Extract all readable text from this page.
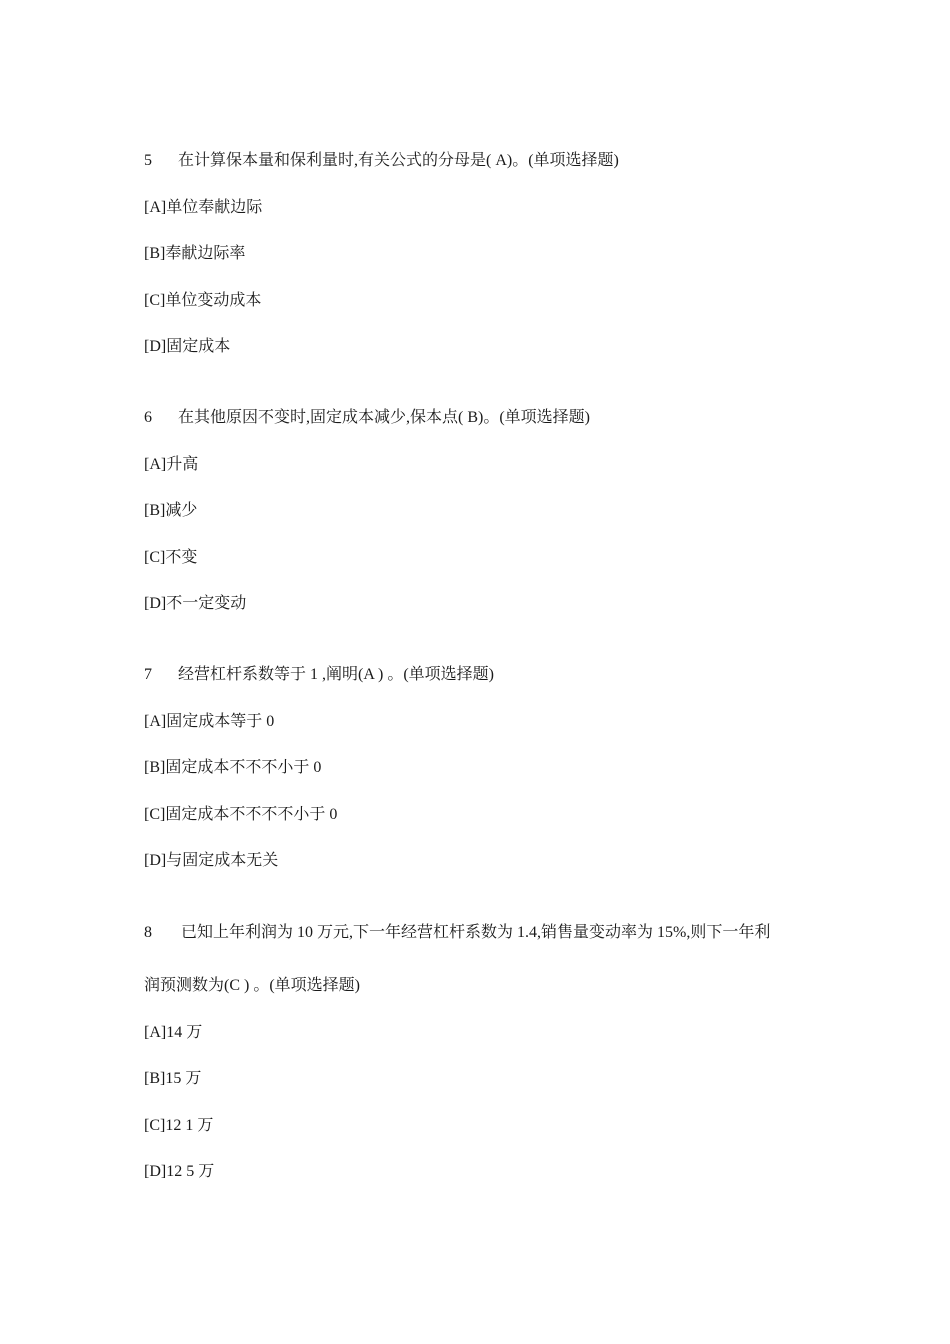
5 在计算保本量和保利量时,有关公式的分母是( A)。(单项选择题)
[A]单位奉献边际
[B]奉献边际率
[C]单位变动成本
[D]固定成本
6 在其他原因不变时,固定成本减少,保本点( B)。(单项选择题)
[A]升高
[B]减少
[C]不变
[D]不一定变动
7 经营杠杆系数等于 1 ,阐明(A ) 。(单项选择题)
[A]固定成本等于 0
[B]固定成本不不不小于 0
[C]固定成本不不不不小于 0
[D]与固定成本无关
8 已知上年利润为 10 万元,下一年经营杠杆系数为 1.4,销售量变动率为 15%,则下一年利
润预测数为(C ) 。(单项选择题)
[A]14 万
[B]15 万
[C]12 1 万
[D]12 5 万
